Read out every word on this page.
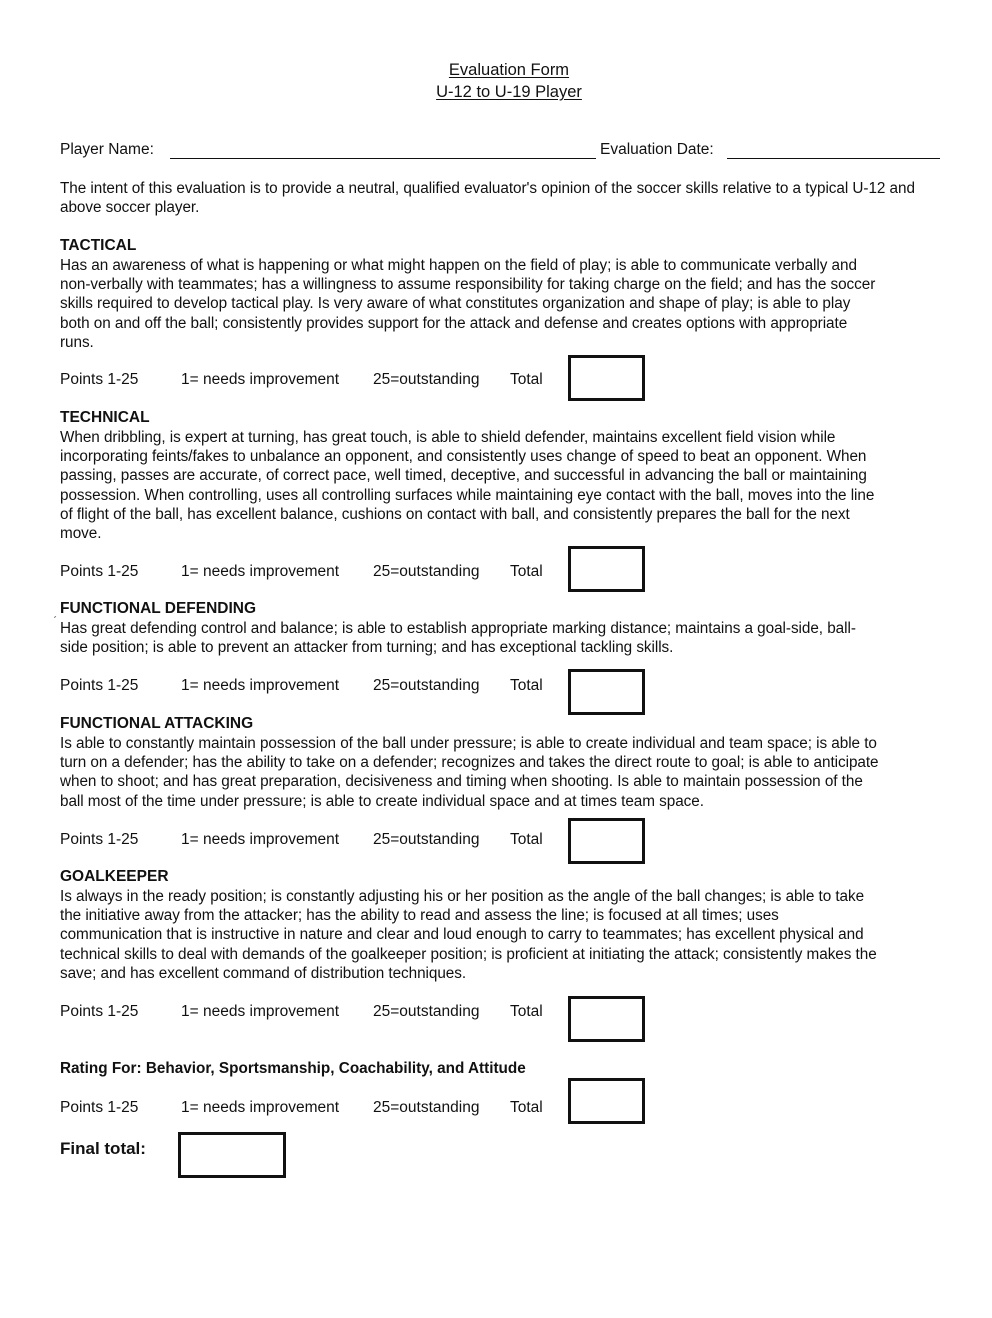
Evaluation Form
U-12 to U-19 Player
Player Name:	Evaluation Date:
The intent of this evaluation is to provide a neutral, qualified evaluator's opinion of the soccer skills relative to a typical U-12 and above soccer player.
TACTICAL
Has an awareness of what is happening or what might happen on the field of play; is able to communicate verbally and
non-verbally with teammates; has a willingness to assume responsibility for taking charge on the field; and has the soccer
skills required to develop tactical play. Is very aware of what constitutes organization and shape of play; is able to play
both on and off the ball; consistently provides support for the attack and defense and creates options with appropriate
runs.
Points 1-25	1= needs improvement 25=outstanding Total
TECHNICAL
When dribbling, is expert at turning, has great touch, is able to shield defender, maintains excellent field vision while
incorporating feints/fakes to unbalance an opponent, and consistently uses change of speed to beat an opponent. When
passing, passes are accurate, of correct pace, well timed, deceptive, and successful in advancing the ball or maintaining
possession. When controlling, uses all controlling surfaces while maintaining eye contact with the ball, moves into the line
of flight of the ball, has excellent balance, cushions on contact with ball, and consistently prepares the ball for the next
move.
Points 1-25	1= needs improvement 25=outstanding Total
FUNCTIONAL DEFENDING
ˊ Has great defending control and balance; is able to establish appropriate marking distance; maintains a goal-side, ball-
side position; is able to prevent an attacker from turning; and has exceptional tackling skills.
Points 1-25	1= needs improvement 25=outstanding Total
FUNCTIONAL ATTACKING
Is able to constantly maintain possession of the ball under pressure; is able to create individual and team space; is able to
turn on a defender; has the ability to take on a defender; recognizes and takes the direct route to goal; is able to anticipate
when to shoot; and has great preparation, decisiveness and timing when shooting. Is able to maintain possession of the
ball most of the time under pressure; is able to create individual space and at times team space.
Points 1-25	1= needs improvement 25=outstanding Total
GOALKEEPER
Is always in the ready position; is constantly adjusting his or her position as the angle of the ball changes; is able to take
the initiative away from the attacker; has the ability to read and assess the line; is focused at all times; uses
communication that is instructive in nature and clear and loud enough to carry to teammates; has excellent physical and
technical skills to deal with demands of the goalkeeper position; is proficient at initiating the attack; consistently makes the
save; and has excellent command of distribution techniques.
Points 1-25	1= needs improvement 25=outstanding Total
Rating For: Behavior, Sportsmanship, Coachability, and Attitude
Points 1-25	1= needs improvement 25=outstanding Total
Final total:
